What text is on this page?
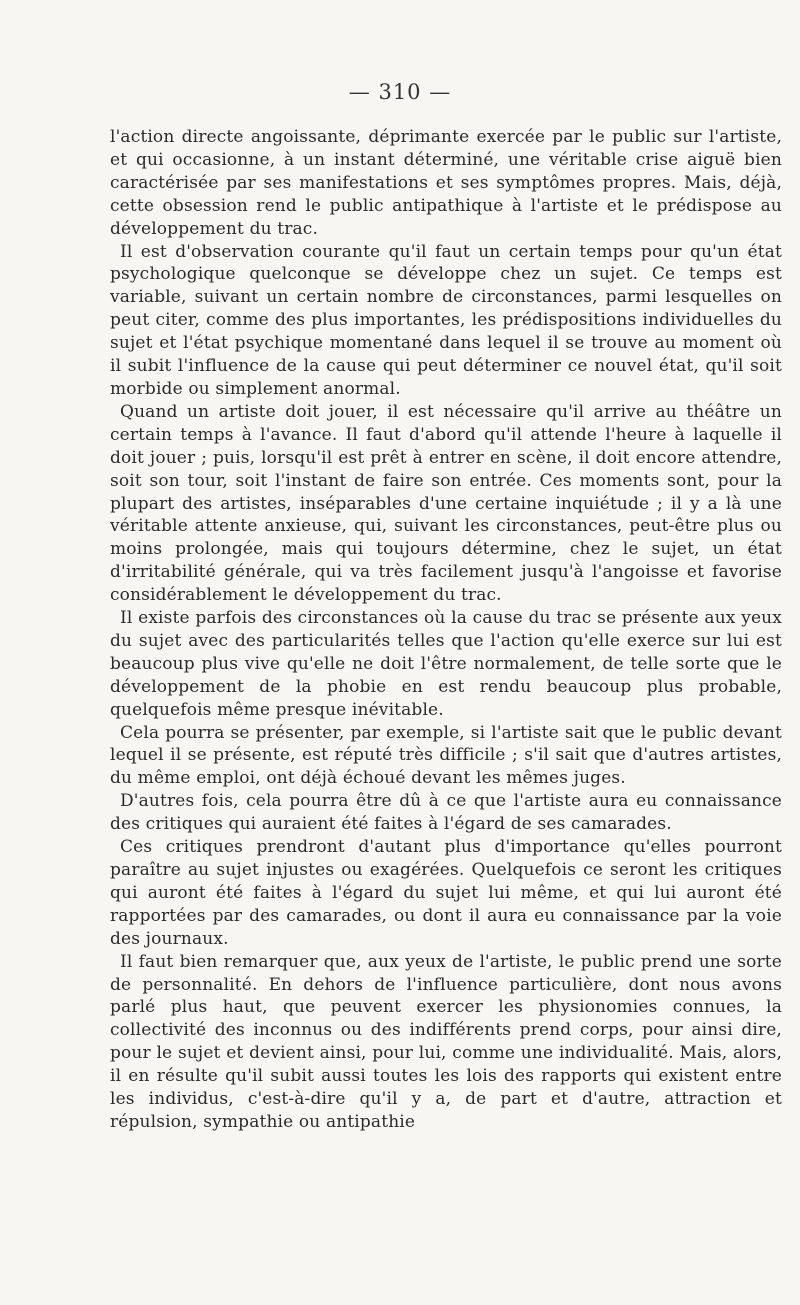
— 310 —

l'action directe angoissante, déprimante exercée par le public sur l'artiste, et qui occasionne, à un instant déterminé, une véritable crise aiguë bien caractérisée par ses manifestations et ses symptômes propres. Mais, déjà, cette obsession rend le public antipathique à l'artiste et le prédispose au développement du trac.

Il est d'observation courante qu'il faut un certain temps pour qu'un état psychologique quelconque se développe chez un sujet. Ce temps est variable, suivant un certain nombre de circonstances, parmi lesquelles on peut citer, comme des plus importantes, les prédispositions individuelles du sujet et l'état psychique momentané dans lequel il se trouve au moment où il subit l'influence de la cause qui peut déterminer ce nouvel état, qu'il soit morbide ou simplement anormal.

Quand un artiste doit jouer, il est nécessaire qu'il arrive au théâtre un certain temps à l'avance. Il faut d'abord qu'il attende l'heure à laquelle il doit jouer ; puis, lorsqu'il est prêt à entrer en scène, il doit encore attendre, soit son tour, soit l'instant de faire son entrée. Ces moments sont, pour la plupart des artistes, inséparables d'une certaine inquiétude ; il y a là une véritable attente anxieuse, qui, suivant les circonstances, peut-être plus ou moins prolongée, mais qui toujours détermine, chez le sujet, un état d'irritabilité générale, qui va très facilement jusqu'à l'angoisse et favorise considérablement le développement du trac.

Il existe parfois des circonstances où la cause du trac se présente aux yeux du sujet avec des particularités telles que l'action qu'elle exerce sur lui est beaucoup plus vive qu'elle ne doit l'être normalement, de telle sorte que le développement de la phobie en est rendu beaucoup plus probable, quelquefois même presque inévitable.

Cela pourra se présenter, par exemple, si l'artiste sait que le public devant lequel il se présente, est réputé très difficile ; s'il sait que d'autres artistes, du même emploi, ont déjà échoué devant les mêmes juges.

D'autres fois, cela pourra être dû à ce que l'artiste aura eu connaissance des critiques qui auraient été faites à l'égard de ses camarades.

Ces critiques prendront d'autant plus d'importance qu'elles pourront paraître au sujet injustes ou exagérées. Quelquefois ce seront les critiques qui auront été faites à l'égard du sujet lui même, et qui lui auront été rapportées par des camarades, ou dont il aura eu connaissance par la voie des journaux.

Il faut bien remarquer que, aux yeux de l'artiste, le public prend une sorte de personnalité. En dehors de l'influence particulière, dont nous avons parlé plus haut, que peuvent exercer les physionomies connues, la collectivité des inconnus ou des indifférents prend corps, pour ainsi dire, pour le sujet et devient ainsi, pour lui, comme une individualité. Mais, alors, il en résulte qu'il subit aussi toutes les lois des rapports qui existent entre les individus, c'est-à-dire qu'il y a, de part et d'autre, attraction et répulsion, sympathie ou antipathie
